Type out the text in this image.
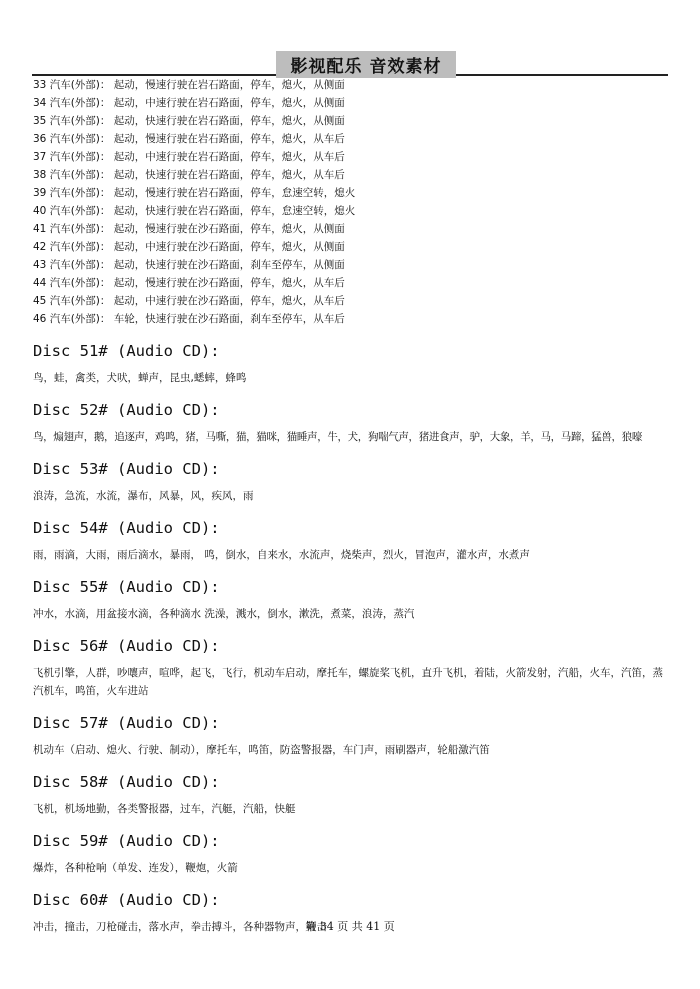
影视配乐 音效素材
33 汽车(外部)： 起动，慢速行驶在岩石路面，停车，熄火，从侧面
34 汽车(外部)： 起动，中速行驶在岩石路面，停车，熄火，从侧面
35 汽车(外部)： 起动，快速行驶在岩石路面，停车，熄火，从侧面
36 汽车(外部)： 起动，慢速行驶在岩石路面，停车，熄火，从车后
37 汽车(外部)： 起动，中速行驶在岩石路面，停车，熄火，从车后
38 汽车(外部)： 起动，快速行驶在岩石路面，停车，熄火，从车后
39 汽车(外部)： 起动，慢速行驶在岩石路面，停车，怠速空转，熄火
40 汽车(外部)： 起动，快速行驶在岩石路面，停车，怠速空转，熄火
41 汽车(外部)： 起动，慢速行驶在沙石路面，停车，熄火，从侧面
42 汽车(外部)： 起动，中速行驶在沙石路面，停车，熄火，从侧面
43 汽车(外部)： 起动，快速行驶在沙石路面，刹车至停车，从侧面
44 汽车(外部)： 起动，慢速行驶在沙石路面，停车，熄火，从车后
45 汽车(外部)： 起动，中速行驶在沙石路面，停车，熄火，从车后
46 汽车(外部)： 车轮，快速行驶在沙石路面，刹车至停车，从车后
Disc 51# (Audio CD):
鸟，蛙，禽类，犬吠，蝉声，昆虫,蟋蟀，蜂鸣
Disc 52# (Audio CD):
鸟，煽翅声，鹅，追逐声，鸡鸣，猪，马嘶，猫，猫咪，猫睡声，牛，犬，狗喘气声，猪进食声，驴，大象，羊，马，马蹄，猛兽，狼嚎
Disc 53# (Audio CD):
浪涛，急流，水流，瀑布，风暴，风，疾风，雨
Disc 54# (Audio CD):
雨，雨滴，大雨，雨后滴水，暴雨， 鸣，倒水，自来水，水流声，烧柴声，烈火，冒泡声，灌水声，水煮声
Disc 55# (Audio CD):
冲水，水滴，用盆接水滴，各种滴水 洗澡，溅水，倒水，漱洗，煮菜，浪涛，蒸汽
Disc 56# (Audio CD):
飞机引擎，人群，吵嚷声，喧哗，起飞，飞行，机动车启动，摩托车，螺旋桨飞机，直升飞机，着陆，火箭发射，汽船，火车，汽笛，蒸汽机车，鸣笛，火车进站
Disc 57# (Audio CD):
机动车（启动、熄火、行驶、制动），摩托车，鸣笛，防盗警报器，车门声，雨刷器声，轮船激汽笛
Disc 58# (Audio CD):
飞机，机场地勤，各类警报器，过车，汽艇，汽船，快艇
Disc 59# (Audio CD):
爆炸，各种枪响（单发、连发），鞭炮，火箭
Disc 60# (Audio CD):
冲击，撞击，刀枪碰击，落水声，拳击搏斗，各种器物声，鞭击
第 34 页 共 41 页
